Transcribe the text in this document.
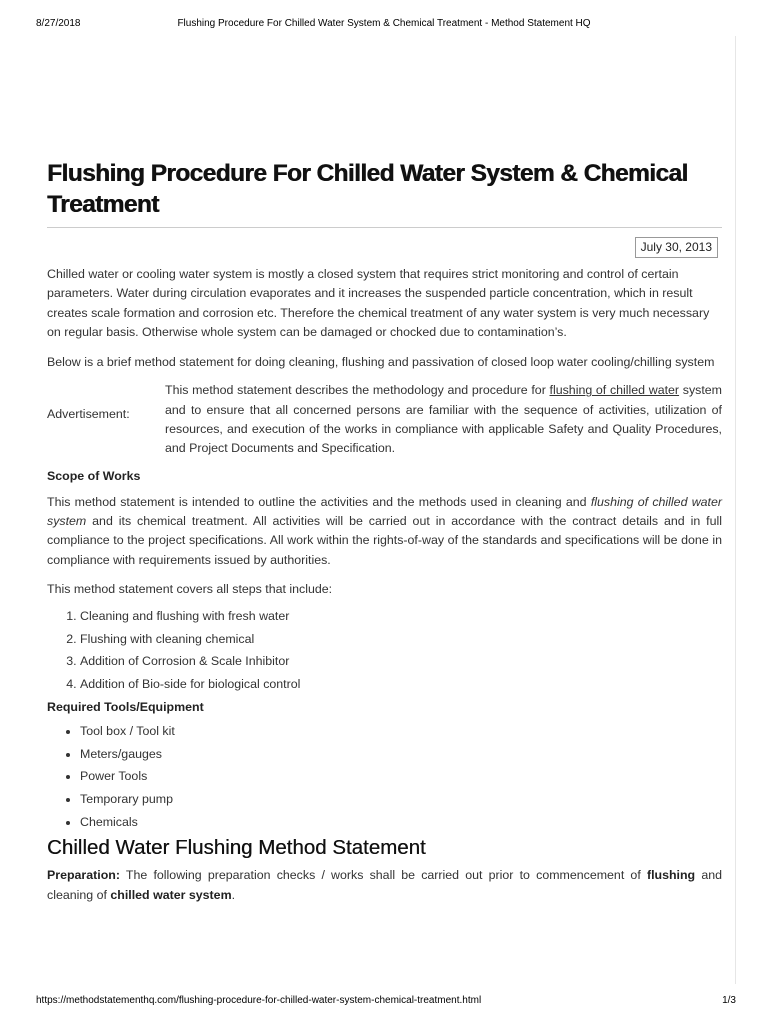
8/27/2018	Flushing Procedure For Chilled Water System & Chemical Treatment - Method Statement HQ
Flushing Procedure For Chilled Water System & Chemical Treatment
July 30, 2013

Chilled water or cooling water system is mostly a closed system that requires strict monitoring and control of certain parameters. Water during circulation evaporates and it increases the suspended particle concentration, which in result creates scale formation and corrosion etc. Therefore the chemical treatment of any water system is very much necessary on regular basis. Otherwise whole system can be damaged or chocked due to contamination’s.

Below is a brief method statement for doing cleaning, flushing and passivation of closed loop water cooling/chilling system

Advertisement:

This method statement describes the methodology and procedure for flushing of chilled water system and to ensure that all concerned persons are familiar with the sequence of activities, utilization of resources, and execution of the works in compliance with applicable Safety and Quality Procedures, and Project Documents and Specification.

Scope of Works

This method statement is intended to outline the activities and the methods used in cleaning and flushing of chilled water system and its chemical treatment. All activities will be carried out in accordance with the contract details and in full compliance to the project specifications. All work within the rights-of-way of the standards and specifications will be done in compliance with requirements issued by authorities.

This method statement covers all steps that include:

1. Cleaning and flushing with fresh water
2. Flushing with cleaning chemical
3. Addition of Corrosion & Scale Inhibitor
4. Addition of Bio-side for biological control
Required Tools/Equipment
• Tool box / Tool kit
• Meters/gauges
• Power Tools
• Temporary pump
• Chemicals
Chilled Water Flushing Method Statement

Preparation: The following preparation checks / works shall be carried out prior to commencement of flushing and cleaning of chilled water system.

https://methodstatementhq.com/flushing-procedure-for-chilled-water-system-chemical-treatment.html	1/3
